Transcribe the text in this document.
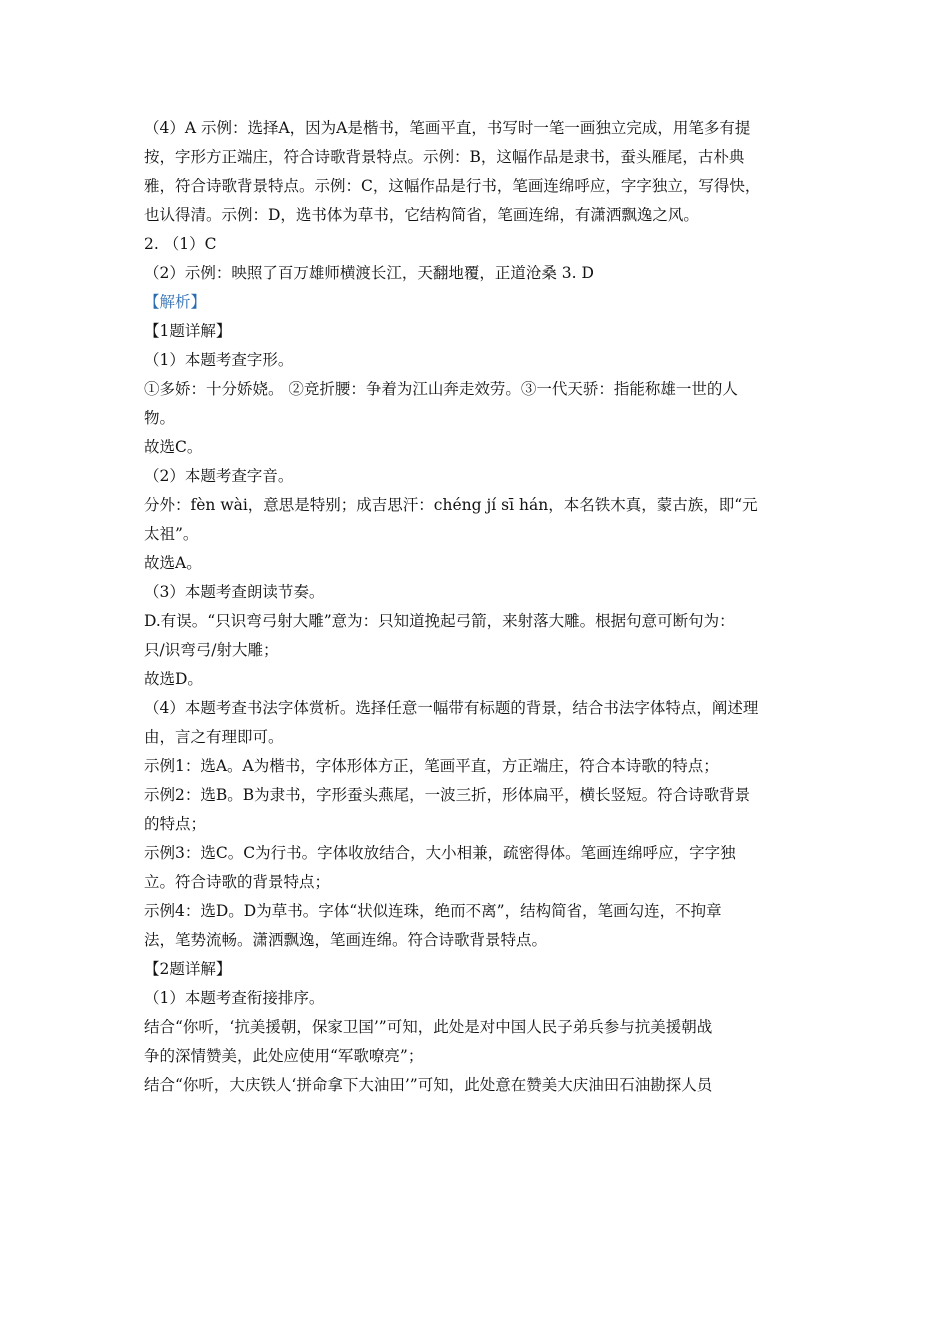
（4）A 示例：选择A，因为A是楷书，笔画平直，书写时一笔一画独立完成，用笔多有提
按，字形方正端庄，符合诗歌背景特点。示例：B，这幅作品是隶书，蚕头雁尾，古朴典
雅，符合诗歌背景特点。示例：C，这幅作品是行书，笔画连绵呼应，字字独立，写得快，
也认得清。示例：D，选书体为草书，它结构简省，笔画连绵，有潇洒飘逸之风。
2. （1）C
（2）示例：映照了百万雄师横渡长江，天翻地覆，正道沧桑 3. D
【解析】
【1题详解】
（1）本题考查字形。
①多娇：十分娇娆。 ②竞折腰：争着为江山奔走效劳。③一代天骄：指能称雄一世的人
物。
故选C。
（2）本题考查字音。
分外：fèn wài，意思是特别；成吉思汗：chéng jí sī hán，本名铁木真，蒙古族，即“元
太祖”。
故选A。
（3）本题考查朗读节奏。
D.有误。“只识弯弓射大雕”意为：只知道挽起弓箭，来射落大雕。根据句意可断句为：
只/识弯弓/射大雕；
故选D。
（4）本题考查书法字体赏析。选择任意一幅带有标题的背景，结合书法字体特点，阐述理
由，言之有理即可。
示例1：选A。A为楷书，字体形体方正，笔画平直，方正端庄，符合本诗歌的特点；
示例2：选B。B为隶书，字形蚕头燕尾，一波三折，形体扁平，横长竖短。符合诗歌背景
的特点；
示例3：选C。C为行书。字体收放结合，大小相兼，疏密得体。笔画连绵呼应，字字独
立。符合诗歌的背景特点；
示例4：选D。D为草书。字体“状似连珠，绝而不离”，结构简省，笔画勾连，不拘章
法，笔势流畅。潇洒飘逸，笔画连绵。符合诗歌背景特点。
【2题详解】
（1）本题考查衔接排序。
结合“你听，‘抗美援朝，保家卫国’”可知，此处是对中国人民子弟兵参与抗美援朝战
争的深情赞美，此处应使用“军歌嘹亮”；
结合“你听，大庆铁人‘拼命拿下大油田’”可知，此处意在赞美大庆油田石油勘探人员
